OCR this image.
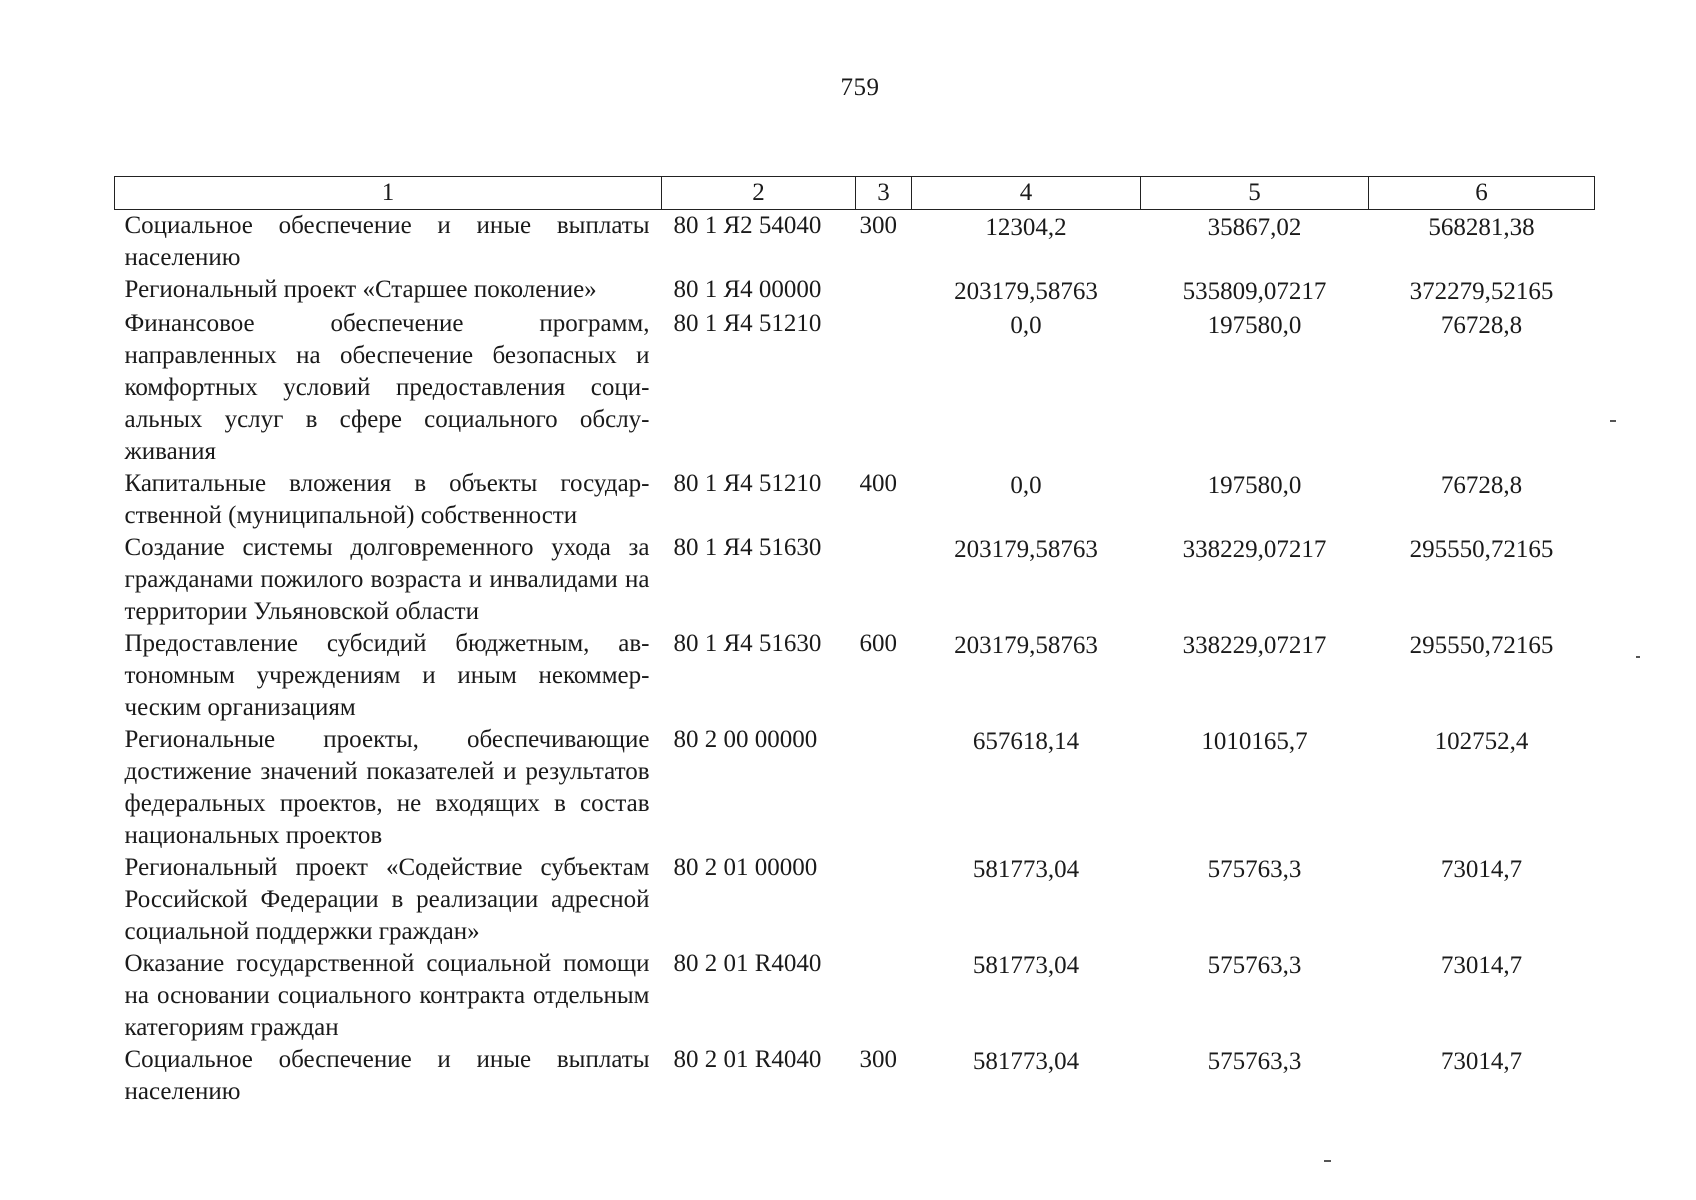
759
1	2	3	4	5	6
Социальное обеспечение и иные выплаты населению	80 1 Я2 54040	300	12304,2	35867,02	568281,38
Региональный проект «Старшее поколение»	80 1 Я4 00000		203179,58763	535809,07217	372279,52165
Финансовое обеспечение программ, направленных на обеспечение безопасных и комфортных условий предоставления социальных услуг в сфере социального обслуживания	80 1 Я4 51210		0,0	197580,0	76728,8
Капитальные вложения в объекты государственной (муниципальной) собственности	80 1 Я4 51210	400	0,0	197580,0	76728,8
Создание системы долговременного ухода за гражданами пожилого возраста и инвалидами на территории Ульяновской области	80 1 Я4 51630		203179,58763	338229,07217	295550,72165
Предоставление субсидий бюджетным, автономным учреждениям и иным некоммерческим организациям	80 1 Я4 51630	600	203179,58763	338229,07217	295550,72165
Региональные проекты, обеспечивающие достижение значений показателей и результатов федеральных проектов, не входящих в состав национальных проектов	80 2 00 00000		657618,14	1010165,7	102752,4
Региональный проект «Содействие субъектам Российской Федерации в реализации адресной социальной поддержки граждан»	80 2 01 00000		581773,04	575763,3	73014,7
Оказание государственной социальной помощи на основании социального контракта отдельным категориям граждан	80 2 01 R4040		581773,04	575763,3	73014,7
Социальное обеспечение и иные выплаты населению	80 2 01 R4040	300	581773,04	575763,3	73014,7
